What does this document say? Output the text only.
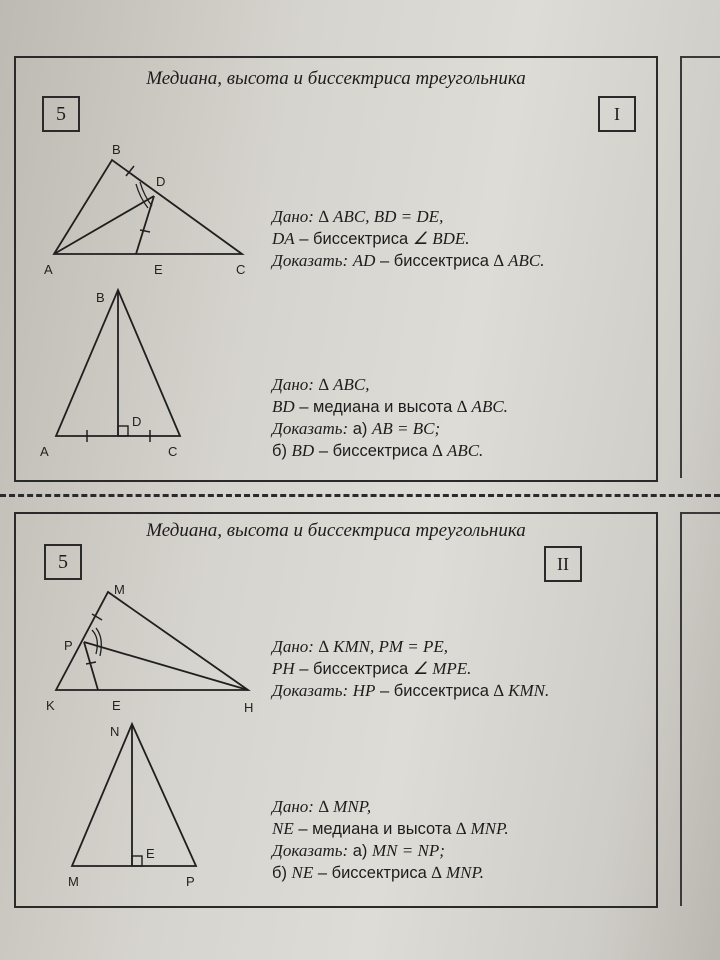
Медиана, высота и биссектриса треугольника
5	I
B
D
A	E	C
Дано: ∆ ABC, BD = DE,
DA – биссектриса ∠ BDE.
Доказать: AD – биссектриса ∆ ABC.
B
A
D
C
Дано: ∆ ABC,
BD – медиана и высота ∆ ABC.
Доказать: а) AB = BC;
б) BD – биссектриса ∆ ABC.
Медиана, высота и биссектриса треугольника
5	II
M
P
K	E	H
Дано: ∆ KMN, PM = PE,
PH – биссектриса ∠ MPE.
Доказать: HP – биссектриса ∆ KMN.
N
M
E
P
Дано: ∆ MNP,
NE – медиана и высота ∆ MNP.
Доказать: а) MN = NP;
б) NE – биссектриса ∆ MNP.
